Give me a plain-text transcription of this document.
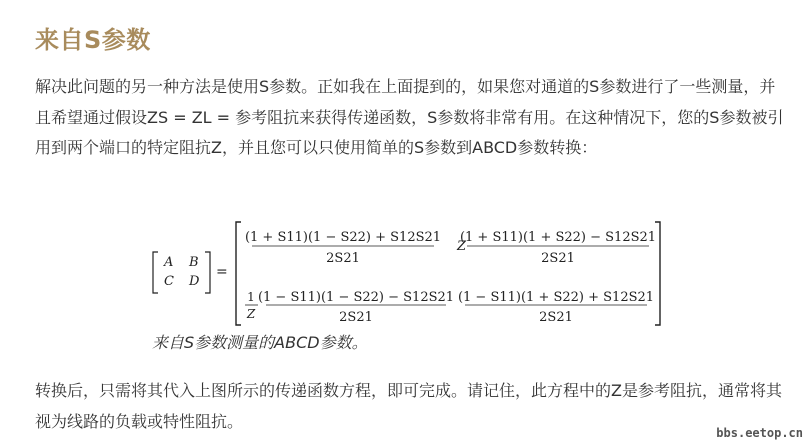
来自S参数
解决此问题的另一种方法是使用S参数。正如我在上面提到的，如果您对通道的S参数进行了一些测量，并且希望通过假设ZS = ZL = 参考阻抗来获得传递函数，S参数将非常有用。在这种情况下，您的S参数被引用到两个端口的特定阻抗Z，并且您可以只使用简单的S参数到ABCD参数转换：
A B
C D
=
(1 + S11)(1 − S22) + S12S21
2S21
Z
(1 + S11)(1 + S22) − S12S21
2S21
1
Z
(1 − S11)(1 − S22) − S12S21
2S21
(1 − S11)(1 + S22) + S12S21
2S21
来自S参数测量的ABCD参数。
转换后，只需将其代入上图所示的传递函数方程，即可完成。请记住，此方程中的Z是参考阻抗，通常将其视为线路的负载或特性阻抗。
bbs.eetop.cn
